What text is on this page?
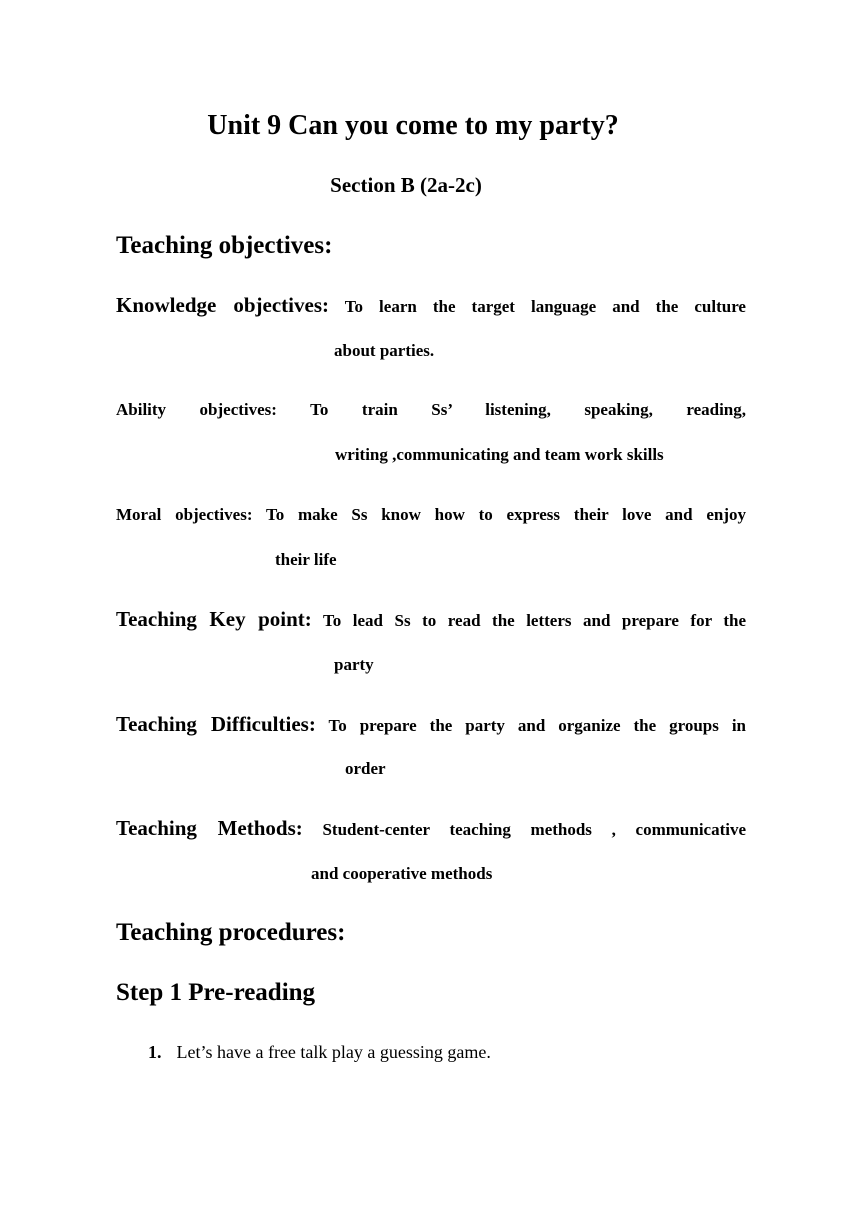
Unit 9 Can you come to my party?
Section B (2a-2c)
Teaching objectives:
Knowledge objectives: To learn the target language and the culture
about parties.
Ability objectives: To train Ss’ listening, speaking, reading,
writing ,communicating and team work skills
Moral objectives: To make Ss know how to express their love and enjoy
their life
Teaching Key point: To lead Ss to read the letters and prepare for the
party
Teaching Difficulties: To prepare the party and organize the groups in
order
Teaching Methods: Student-center teaching methods , communicative
and cooperative methods
Teaching procedures:
Step 1 Pre-reading
1. Let’s have a free talk play a guessing game.
